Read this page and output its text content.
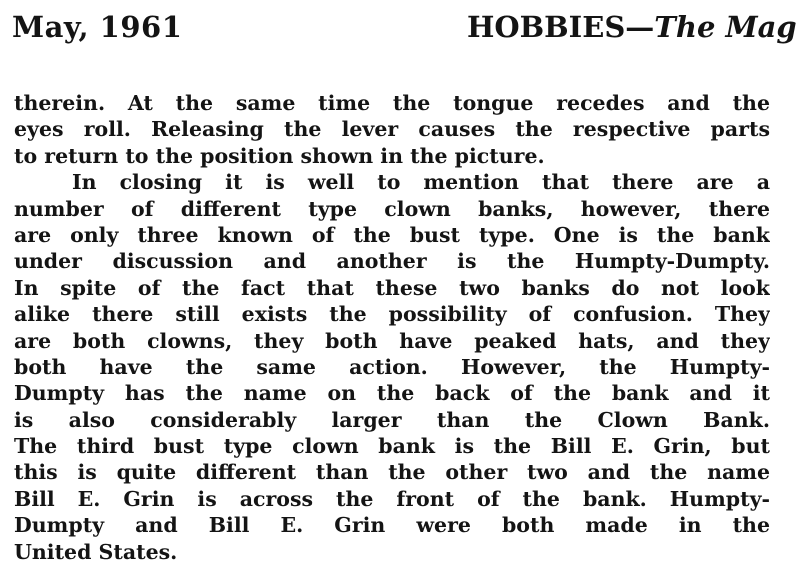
May, 1961	HOBBIES—The Mag
therein. At the same time the tongue recedes and the
eyes roll. Releasing the lever causes the respective parts
to return to the position shown in the picture.
In closing it is well to mention that there are a
number of different type clown banks, however, there
are only three known of the bust type. One is the bank
under discussion and another is the Humpty-Dumpty.
In spite of the fact that these two banks do not look
alike there still exists the possibility of confusion. They
are both clowns, they both have peaked hats, and they
both have the same action. However, the Humpty-
Dumpty has the name on the back of the bank and it
is also considerably larger than the Clown Bank.
The third bust type clown bank is the Bill E. Grin, but
this is quite different than the other two and the name
Bill E. Grin is across the front of the bank. Humpty-
Dumpty and Bill E. Grin were both made in the
United States.
